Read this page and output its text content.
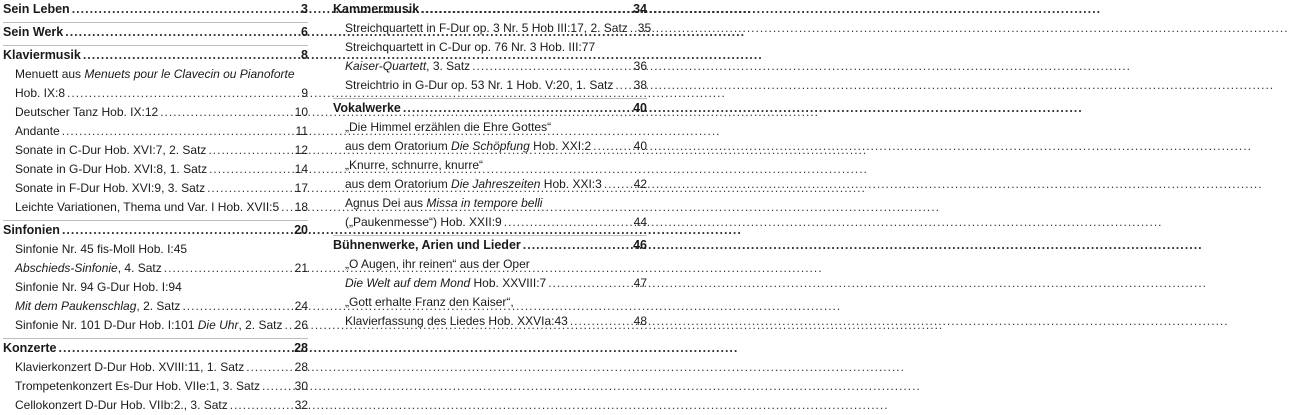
Sein Leben .....	3
Sein Werk .....	6
Klaviermusik .....	8
Menuett aus Menuets pour le Clavecin ou Pianoforte
Hob. IX:8 .....	9
Deutscher Tanz Hob. IX:12 .....	10
Andante .....	11
Sonate in C-Dur Hob. XVI:7, 2. Satz .....	12
Sonate in G-Dur Hob. XVI:8, 1. Satz .....	14
Sonate in F-Dur Hob. XVI:9, 3. Satz .....	17
Leichte Variationen, Thema und Var. I Hob. XVII:5 ..... 18
Sinfonien .....	20
Sinfonie Nr. 45 fis-Moll Hob. I:45
Abschieds-Sinfonie, 4. Satz .....	21
Sinfonie Nr. 94 G-Dur Hob. I:94
Mit dem Paukenschlag, 2. Satz .....	24
Sinfonie Nr. 101 D-Dur Hob. I:101 Die Uhr, 2. Satz ..... 26
Konzerte .....	28
Klavierkonzert D-Dur Hob. XVIII:11, 1. Satz .....	28
Trompetenkonzert Es-Dur Hob. VIIe:1, 3. Satz .....	30
Cellokonzert D-Dur Hob. VIIb:2., 3. Satz .....	32
Kammermusik .....	34
Streichquartett in F-Dur op. 3 Nr. 5 Hob III:17, 2. Satz ..... 35
Streichquartett in C-Dur op. 76 Nr. 3 Hob. III:77
Kaiser-Quartett, 3. Satz .....	36
Streichtrio in G-Dur op. 53 Nr. 1 Hob. V:20, 1. Satz ..... 38
Vokalwerke .....	40
„Die Himmel erzählen die Ehre Gottes“
aus dem Oratorium Die Schöpfung Hob. XXI:2 .....	40
„Knurre, schnurre, knurre“
aus dem Oratorium Die Jahreszeiten Hob. XXI:3 .....	42
Agnus Dei aus Missa in tempore belli
(„Paukenmesse“) Hob. XXII:9 .....	44
Bühnenwerke, Arien und Lieder .....	46
„O Augen, ihr reinen“ aus der Oper
Die Welt auf dem Mond Hob. XXVIII:7 .....	47
„Gott erhalte Franz den Kaiser“,
Klavierfassung des Liedes Hob. XXVIa:43 .....	48
